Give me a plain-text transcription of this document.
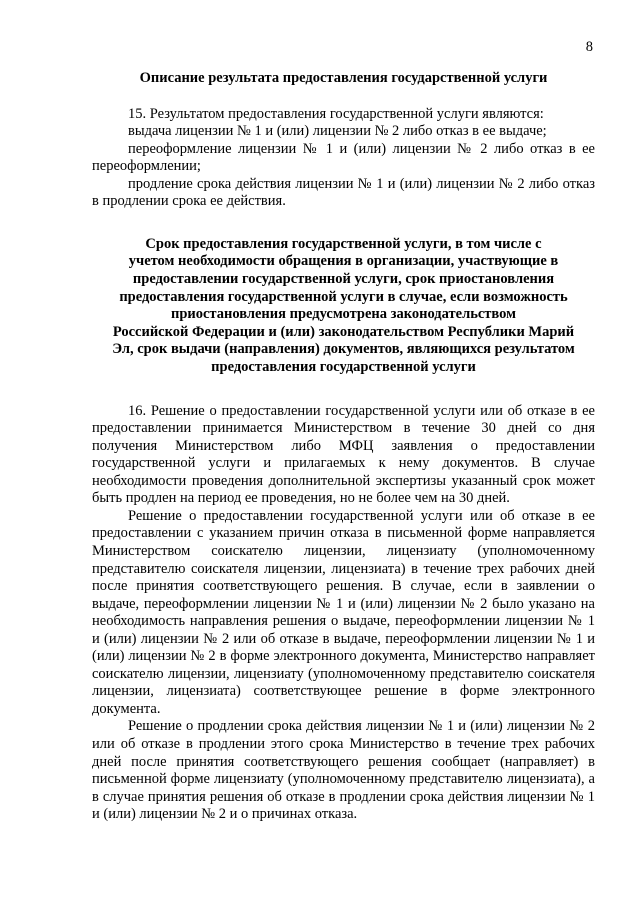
8

Описание результата предоставления государственной услуги

15. Результатом предоставления государственной услуги являются:

выдача лицензии № 1 и (или) лицензии № 2 либо отказ в ее выдаче;

переоформление лицензии № 1 и (или) лицензии № 2 либо отказ в ее переоформлении;

продление срока действия лицензии № 1 и (или) лицензии № 2 либо отказ в продлении срока ее действия.

Срок предоставления государственной услуги, в том числе с
учетом необходимости обращения в организации, участвующие в
предоставлении государственной услуги, срок приостановления
предоставления государственной услуги в случае, если возможность
приостановления предусмотрена законодательством
Российской Федерации и (или) законодательством Республики Марий
Эл, срок выдачи (направления) документов, являющихся результатом
предоставления государственной услуги

16. Решение о предоставлении государственной услуги или об отказе в ее предоставлении принимается Министерством в течение 30 дней со дня получения Министерством либо МФЦ заявления о предоставлении государственной услуги и прилагаемых к нему документов. В случае необходимости проведения дополнительной экспертизы указанный срок может быть продлен на период ее проведения, но не более чем на 30 дней.

Решение о предоставлении государственной услуги или об отказе в ее предоставлении с указанием причин отказа в письменной форме направляется Министерством соискателю лицензии, лицензиату (уполномоченному представителю соискателя лицензии, лицензиата) в течение трех рабочих дней после принятия соответствующего решения. В случае, если в заявлении о выдаче, переоформлении лицензии № 1 и (или) лицензии № 2 было указано на необходимость направления решения о выдаче, переоформлении лицензии № 1 и (или) лицензии № 2 или об отказе в выдаче, переоформлении лицензии № 1 и (или) лицензии № 2 в форме электронного документа, Министерство направляет соискателю лицензии, лицензиату (уполномоченному представителю соискателя лицензии, лицензиата) соответствующее решение в форме электронного документа.

Решение о продлении срока действия лицензии № 1 и (или) лицензии № 2 или об отказе в продлении этого срока Министерство в течение трех рабочих дней после принятия соответствующего решения сообщает (направляет) в письменной форме лицензиату (уполномоченному представителю лицензиата), а в случае принятия решения об отказе в продлении срока действия лицензии № 1 и (или) лицензии № 2 и о причинах отказа.
